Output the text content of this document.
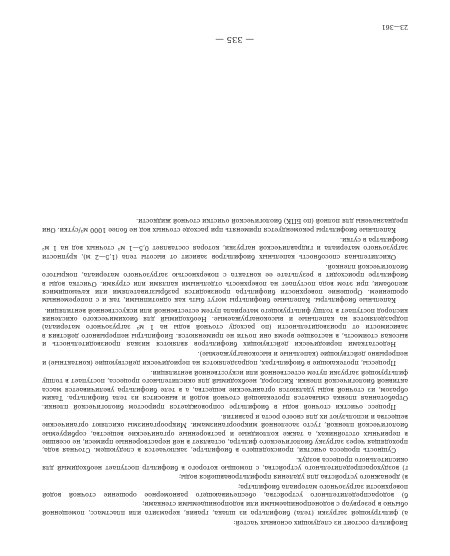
Биофильтр состоит из следующих основных частей:

а) фильтрующей загрузки (тела) биофильтра из шлака, гравия, керамзита или пластмасс, помещенной обычно в резервуар с водонепроницаемыми или водопроницаемыми стенками;

б) водораспределительного устройства, обеспечивающего равномерное орошение сточной водой поверхности загрузочного материала биофильтра;

в) дренажного устройства для удаления профильтровавшейся воды;

г) воздухораспределительного устройства, с помощью которого в биофильтр поступает необходимый для окислительного процесса воздух.

Сущность процесса очистки, происходящего в биофильтре, заключается в следующем. Сточная вода, проходящая через загрузку биологического фильтра, оставляет в ней нерастворенные примеси, не осевшие в первичных отстойниках, а также коллоидные и растворенные органические вещества, сорбируемые биологической пленкой, густо заселенной микроорганизмами. Микроорганизмы окисляют органические вещества и используют их для своего роста и развития.

Процесс очистки сточной воды в биофильтре сопровождается приростом биологической пленки. Отработанная пленка смывается протекающей сточной водой и выносится из тела биофильтра. Таким образом, из сточной воды удаляются органические вещества, а в теле биофильтра увеличивается масса активной биологической пленки. Кислород, необходимый для окислительного процесса, поступает в толщу фильтрующей загрузки путем естественной или искусственной вентиляции.

Процессы, протекающие в биофильтрах, подразделяются на периодически действующие (контактные) и непрерывно действующие (капельные и высоконагружаемые).

Недостатками периодически действующих биофильтров являются низкая производительность и высокая стоимость, в настоящее время они почти не применяются. Биофильтры непрерывного действия в зависимости от производительности (по расходу сточной воды на 1 м³ загрузочного материала) подразделяются на капельные и высоконагружаемые. Необходимый для биохимического окисления кислород поступает в толщу фильтрующего материала путем естественной или искусственной вентиляции.

Капельные биофильтры. Капельные биофильтры могут быть как однотипными, так и с попеременным орошением. Орошение поверхности биофильтра производится разбрызгивателями или качающимися желобами, при этом вода поступает на поверхность отдельными каплями или струями. Очистка воды в биофильтре происходит в результате ее контакта с поверхностью загрузочного материала, покрытого биологической пленкой.

Окислительная способность капельных биофильтров зависит от высоты тела (1,5—2 м), крупности загрузочного материала и гидравлической нагрузки, которая составляет 0,5—1 м³ сточных вод на 1 м² биофильтра в сутки.

Капельные биофильтры рекомендуется применять при расходе сточных вод не более 1000 м³/сутки. Они предназначены для полной (по БПК) биологической очистки сточной жидкости.

— 335 —
23—361
